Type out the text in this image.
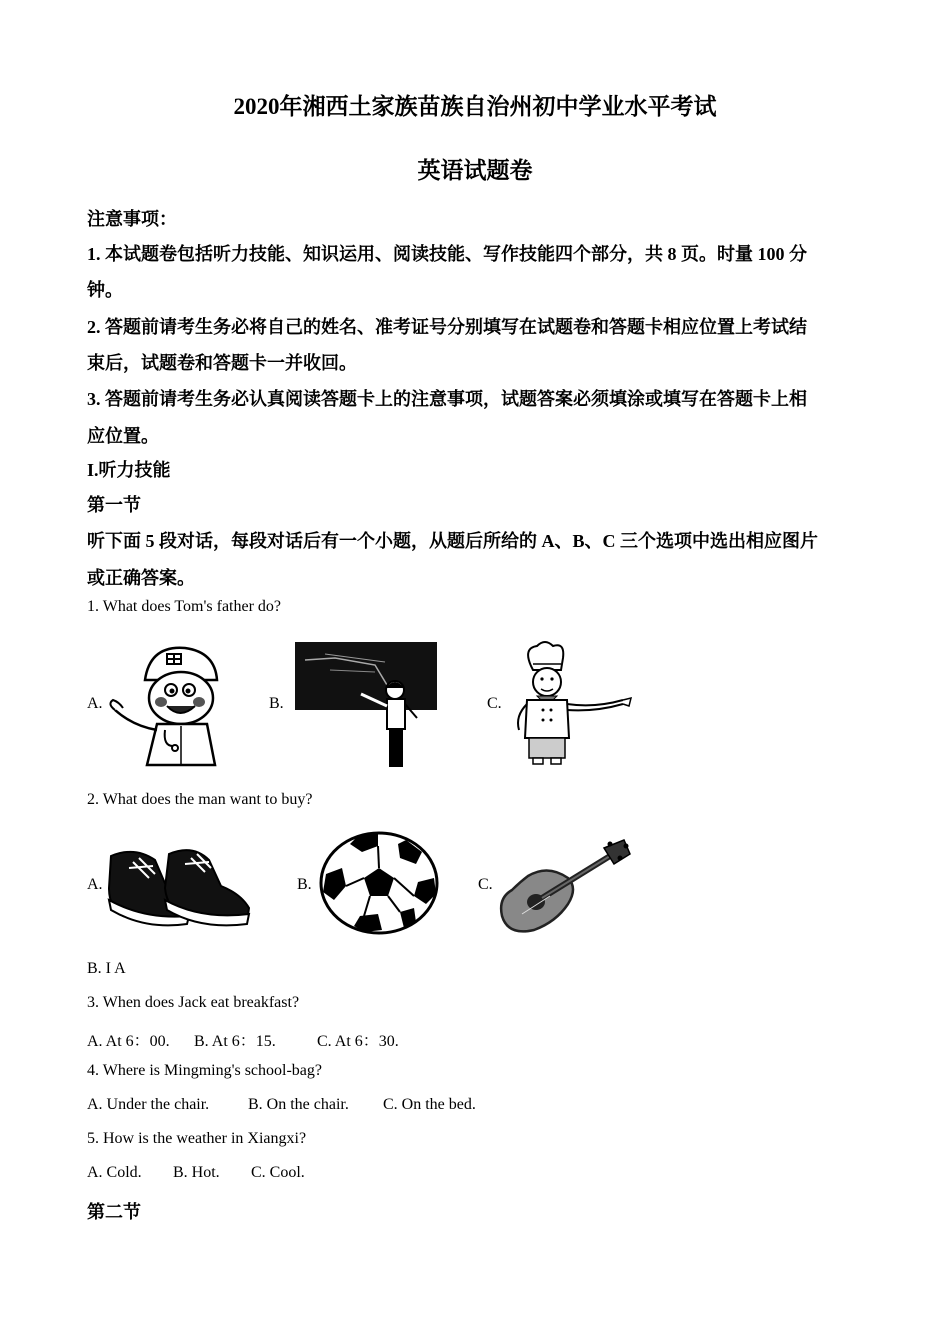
2020年湘西土家族苗族自治州初中学业水平考试
英语试题卷
注意事项：
1. 本试题卷包括听力技能、知识运用、阅读技能、写作技能四个部分，共 8 页。时量 100 分
钟。
2. 答题前请考生务必将自己的姓名、准考证号分别填写在试题卷和答题卡相应位置上考试结
束后，试题卷和答题卡一并收回。
3. 答题前请考生务必认真阅读答题卡上的注意事项，试题答案必须填涂或填写在答题卡上相
应位置。
I.听力技能
第一节
听下面 5 段对话，每段对话后有一个小题，从题后所给的 A、B、C 三个选项中选出相应图片
或正确答案。
1. What does Tom's father do?
A.	B.	C.
2. What does the man want to buy?
A.	B.	C.
B. I A
3. When does Jack eat breakfast?
A. At 6：00. B. At 6：15.	C. At 6：30.
4. Where is Mingming's school-bag?
A. Under the chair. B. On the chair. C. On the bed.
5. How is the weather in Xiangxi?
A. Cold. B. Hot. C. Cool.
第二节
